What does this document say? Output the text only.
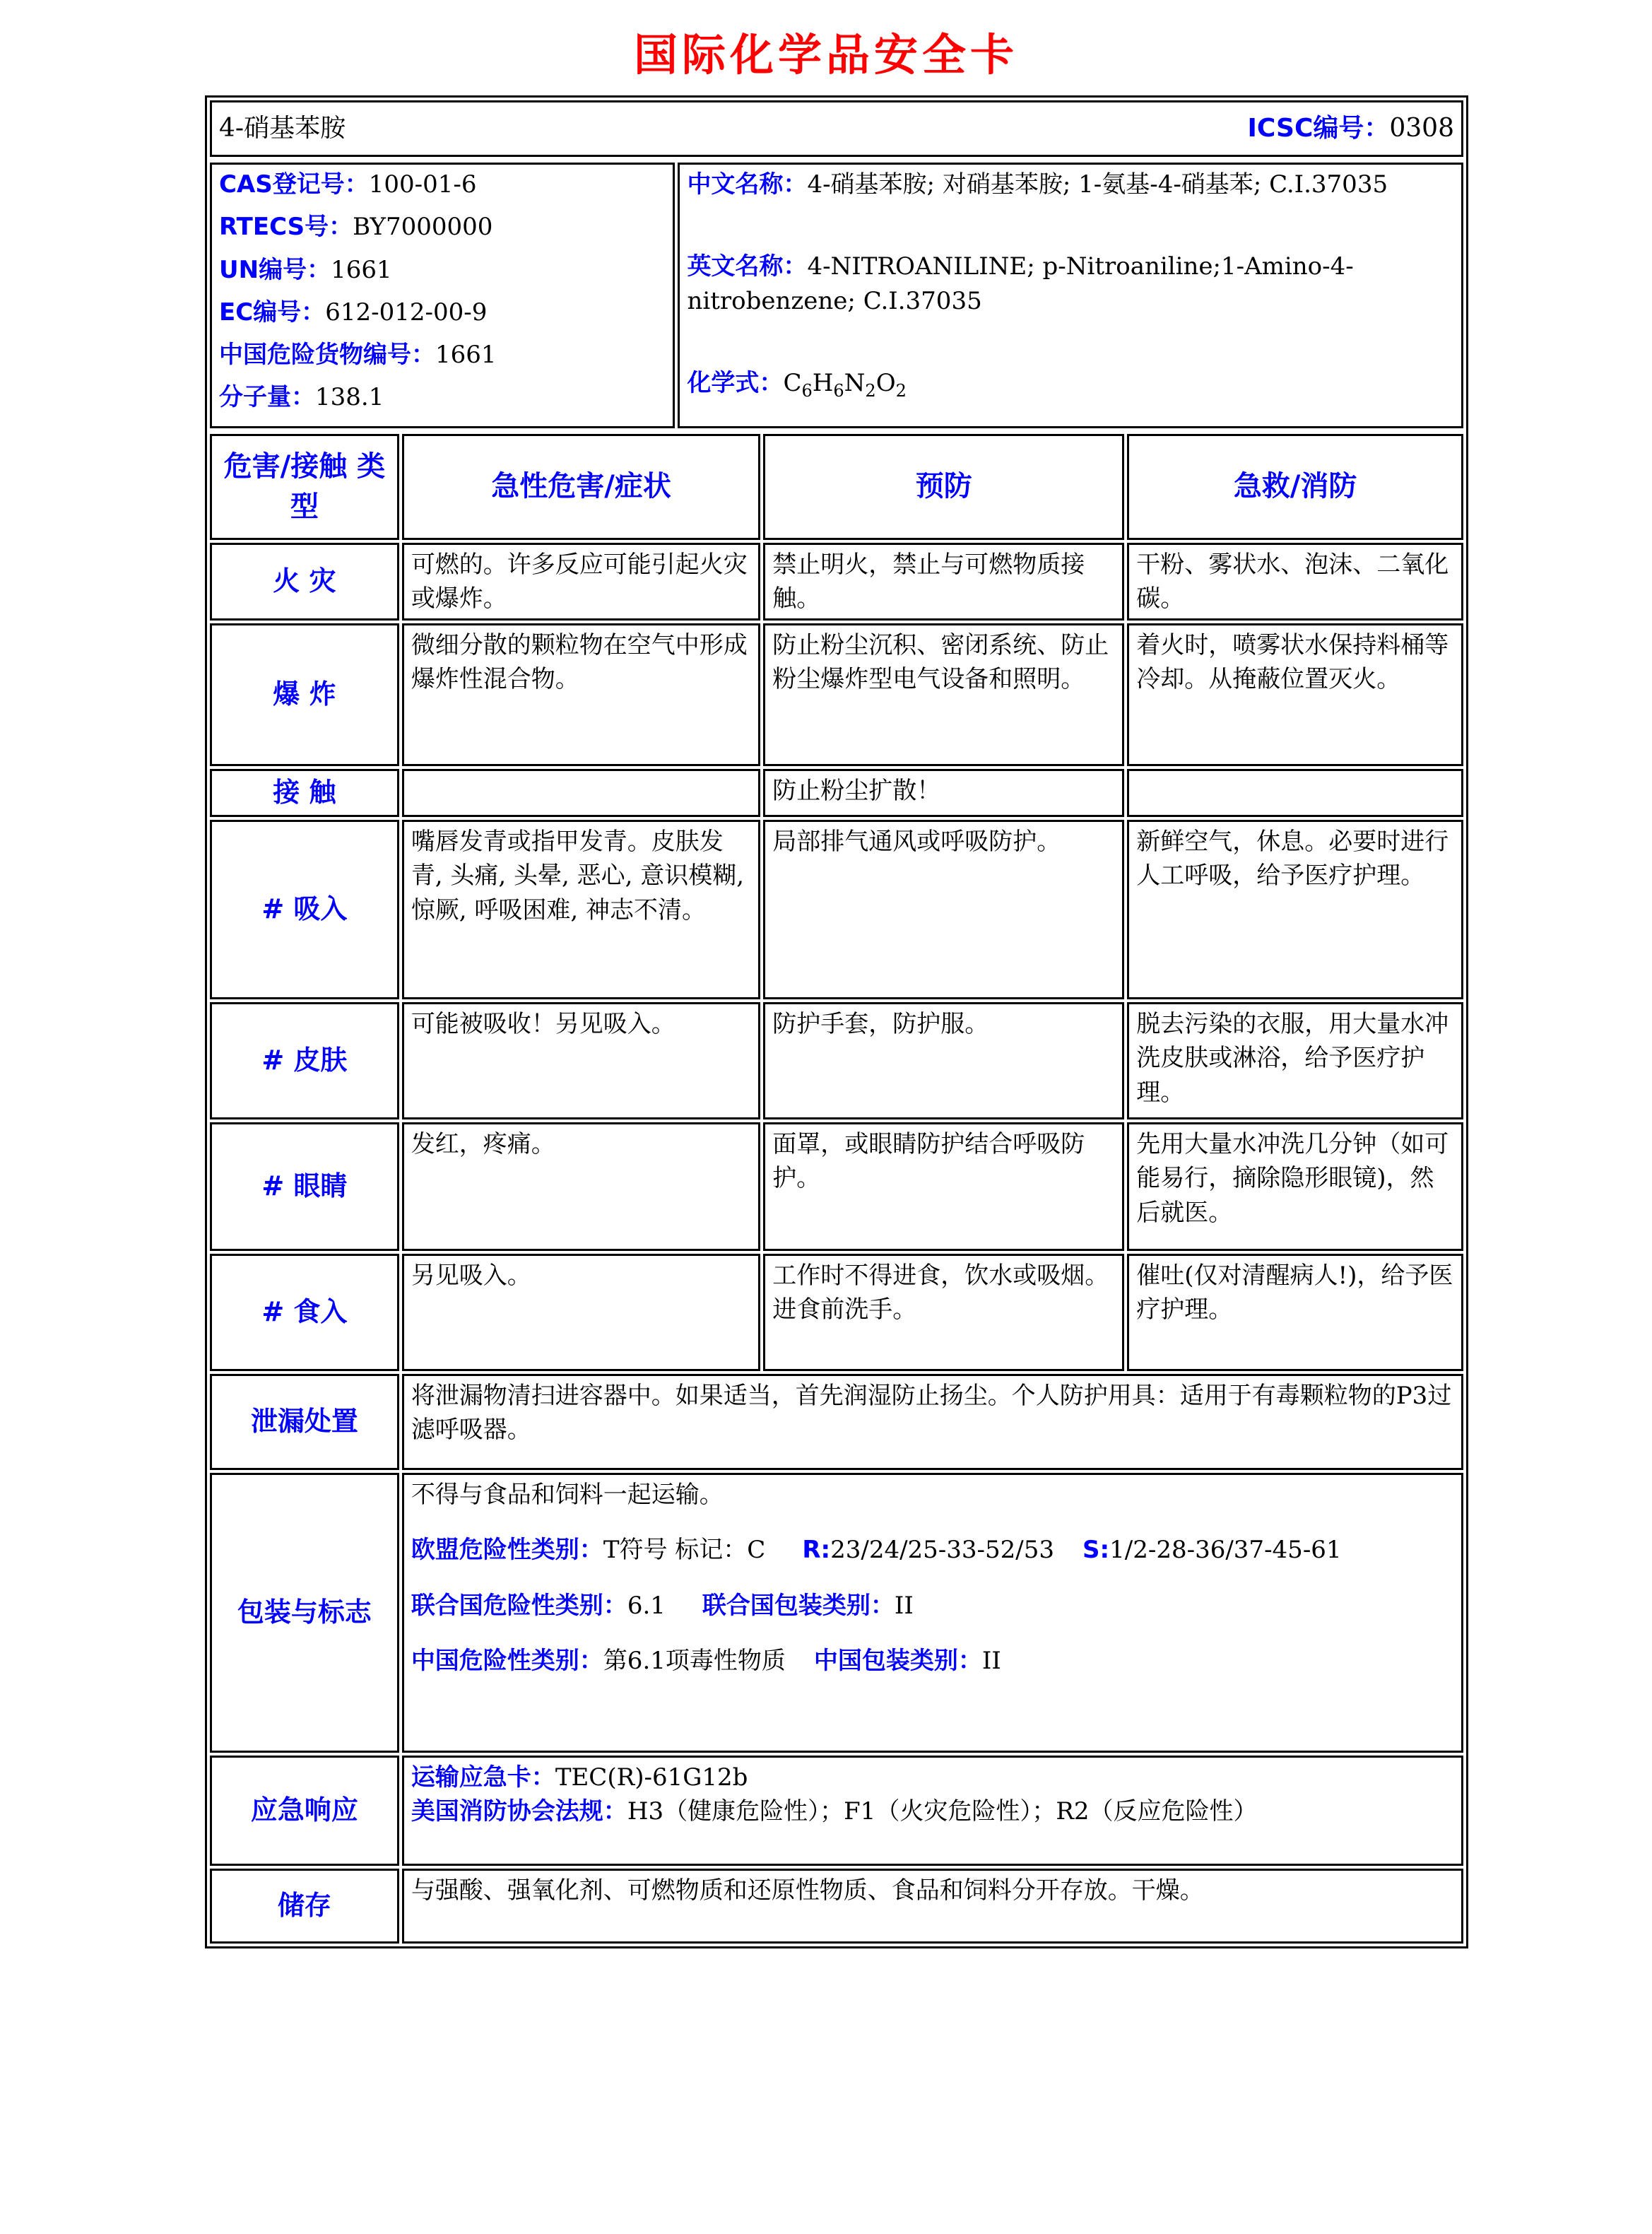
国际化学品安全卡
4-硝基苯胺	ICSC编号：0308
CAS登记号：100-01-6
RTECS号：BY7000000
UN编号：1661
EC编号：612-012-00-9
中国危险货物编号：1661
分子量：138.1

中文名称：4-硝基苯胺; 对硝基苯胺; 1-氨基-4-硝基苯; C.I.37035
英文名称：4-NITROANILINE; p-Nitroaniline;1-Amino-4-nitrobenzene; C.I.37035
化学式：$C_6H_6N_2O_2$
危害/接触 类型	急性危害/症状	预防	急救/消防
火 灾	可燃的。许多反应可能引起火灾或爆炸。	禁止明火，禁止与可燃物质接触。	干粉、雾状水、泡沫、二氧化碳。
爆 炸	微细分散的颗粒物在空气中形成爆炸性混合物。	防止粉尘沉积、密闭系统、防止粉尘爆炸型电气设备和照明。	着火时，喷雾状水保持料桶等冷却。从掩蔽位置灭火。
接 触		防止粉尘扩散！	
# 吸入	嘴唇发青或指甲发青。皮肤发青, 头痛, 头晕, 恶心, 意识模糊, 惊厥, 呼吸困难, 神志不清。	局部排气通风或呼吸防护。	新鲜空气，休息。必要时进行人工呼吸，给予医疗护理。
# 皮肤	可能被吸收！另见吸入。	防护手套，防护服。	脱去污染的衣服，用大量水冲洗皮肤或淋浴，给予医疗护理。
# 眼睛	发红，疼痛。	面罩，或眼睛防护结合呼吸防护。	先用大量水冲洗几分钟（如可能易行，摘除隐形眼镜)，然后就医。
# 食入	另见吸入。	工作时不得进食，饮水或吸烟。进食前洗手。	催吐(仅对清醒病人!)，给予医疗护理。
泄漏处置	将泄漏物清扫进容器中。如果适当，首先润湿防止扬尘。个人防护用具：适用于有毒颗粒物的P3过滤呼吸器。		
包装与标志	不得与食品和饲料一起运输。
欧盟危险性类别：T符号 标记：C R:23/24/25-33-52/53 S:1/2-28-36/37-45-61
联合国危险性类别：6.1 联合国包装类别：II
中国危险性类别：第6.1项毒性物质 中国包装类别：II		

应急响应	运输应急卡：TEC(R)-61G12b
美国消防协会法规：H3（健康危险性）；F1（火灾危险性）；R2（反应危险性）		

储存	与强酸、强氧化剂、可燃物质和还原性物质、食品和饲料分开存放。干燥。		
